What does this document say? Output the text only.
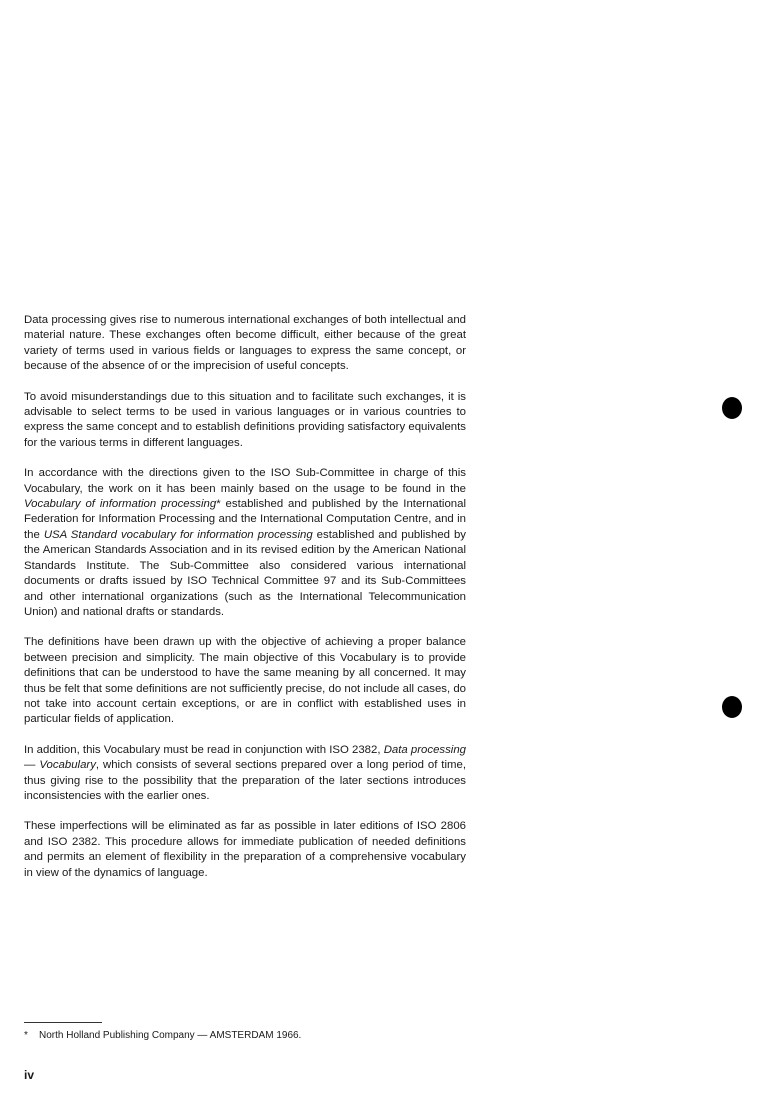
Data processing gives rise to numerous international exchanges of both intellectual and material nature. These exchanges often become difficult, either because of the great variety of terms used in various fields or languages to express the same concept, or because of the absence of or the imprecision of useful concepts.

To avoid misunderstandings due to this situation and to facilitate such exchanges, it is advisable to select terms to be used in various languages or in various countries to express the same concept and to establish definitions providing satisfactory equivalents for the various terms in different languages.

In accordance with the directions given to the ISO Sub-Committee in charge of this Vocabulary, the work on it has been mainly based on the usage to be found in the Vocabulary of information processing* established and published by the International Federation for Information Processing and the International Computation Centre, and in the USA Standard vocabulary for information processing established and published by the American Standards Association and in its revised edition by the American National Standards Institute. The Sub-Committee also considered various international documents or drafts issued by ISO Technical Committee 97 and its Sub-Committees and other international organizations (such as the International Telecommunication Union) and national drafts or standards.

The definitions have been drawn up with the objective of achieving a proper balance between precision and simplicity. The main objective of this Vocabulary is to provide definitions that can be understood to have the same meaning by all concerned. It may thus be felt that some definitions are not sufficiently precise, do not include all cases, do not take into account certain exceptions, or are in conflict with established uses in particular fields of application.

In addition, this Vocabulary must be read in conjunction with ISO 2382, Data processing — Vocabulary, which consists of several sections prepared over a long period of time, thus giving rise to the possibility that the preparation of the later sections introduces inconsistencies with the earlier ones.

These imperfections will be eliminated as far as possible in later editions of ISO 2806 and ISO 2382. This procedure allows for immediate publication of needed definitions and permits an element of flexibility in the preparation of a comprehensive vocabulary in view of the dynamics of language.

* North Holland Publishing Company — AMSTERDAM 1966.
iv
